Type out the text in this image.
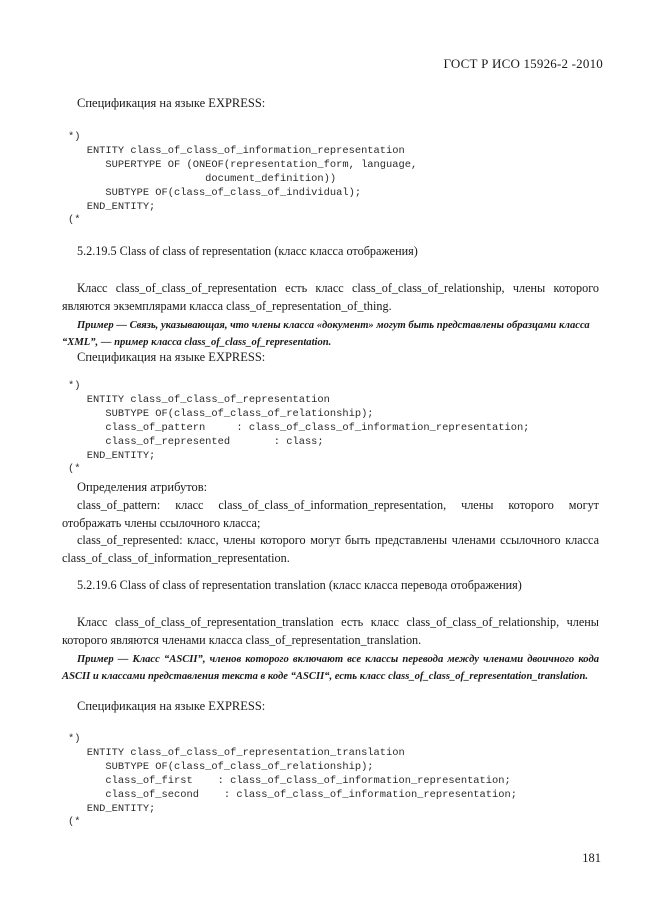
ГОСТ Р ИСО 15926-2 -2010
Спецификация на языке EXPRESS:
*)
ENTITY class_of_class_of_information_representation
SUPERTYPE OF (ONEOF(representation_form, language,
document_definition))
SUBTYPE OF(class_of_class_of_individual);
END_ENTITY;
(*
5.2.19.5 Class of class of representation (класс класса отображения)
Класс class_of_class_of_representation есть класс class_of_class_of_relationship, члены которого являются экземплярами класса class_of_representation_of_thing.
Пример — Связь, указывающая, что члены класса «документ» могут быть представлены образцами класса
“XML”, — пример класса class_of_class_of_representation.
Спецификация на языке EXPRESS:
*)
ENTITY class_of_class_of_representation
SUBTYPE OF(class_of_class_of_relationship);
class_of_pattern     : class_of_class_of_information_representation;
class_of_represented       : class;
END_ENTITY;
(*
Определения атрибутов:
class_of_pattern: класс class_of_class_of_information_representation, члены которого могут отображать члены ссылочного класса;
class_of_represented: класс, члены которого могут быть представлены членами ссылочного класса class_of_class_of_information_representation.
5.2.19.6 Class of class of representation translation (класс класса перевода отображения)
Класс class_of_class_of_representation_translation есть класс class_of_class_of_relationship, члены которого являются членами класса class_of_representation_translation.
Пример — Класс “ASCII”, членов которого включают все классы перевода между членами двоичного кода ASCII и классами представления текста в коде “ASCII“, есть класс class_of_class_of_representation_translation.
Спецификация на языке EXPRESS:
*)
ENTITY class_of_class_of_representation_translation
SUBTYPE OF(class_of_class_of_relationship);
class_of_first    : class_of_class_of_information_representation;
class_of_second    : class_of_class_of_information_representation;
END_ENTITY;
(*
181
